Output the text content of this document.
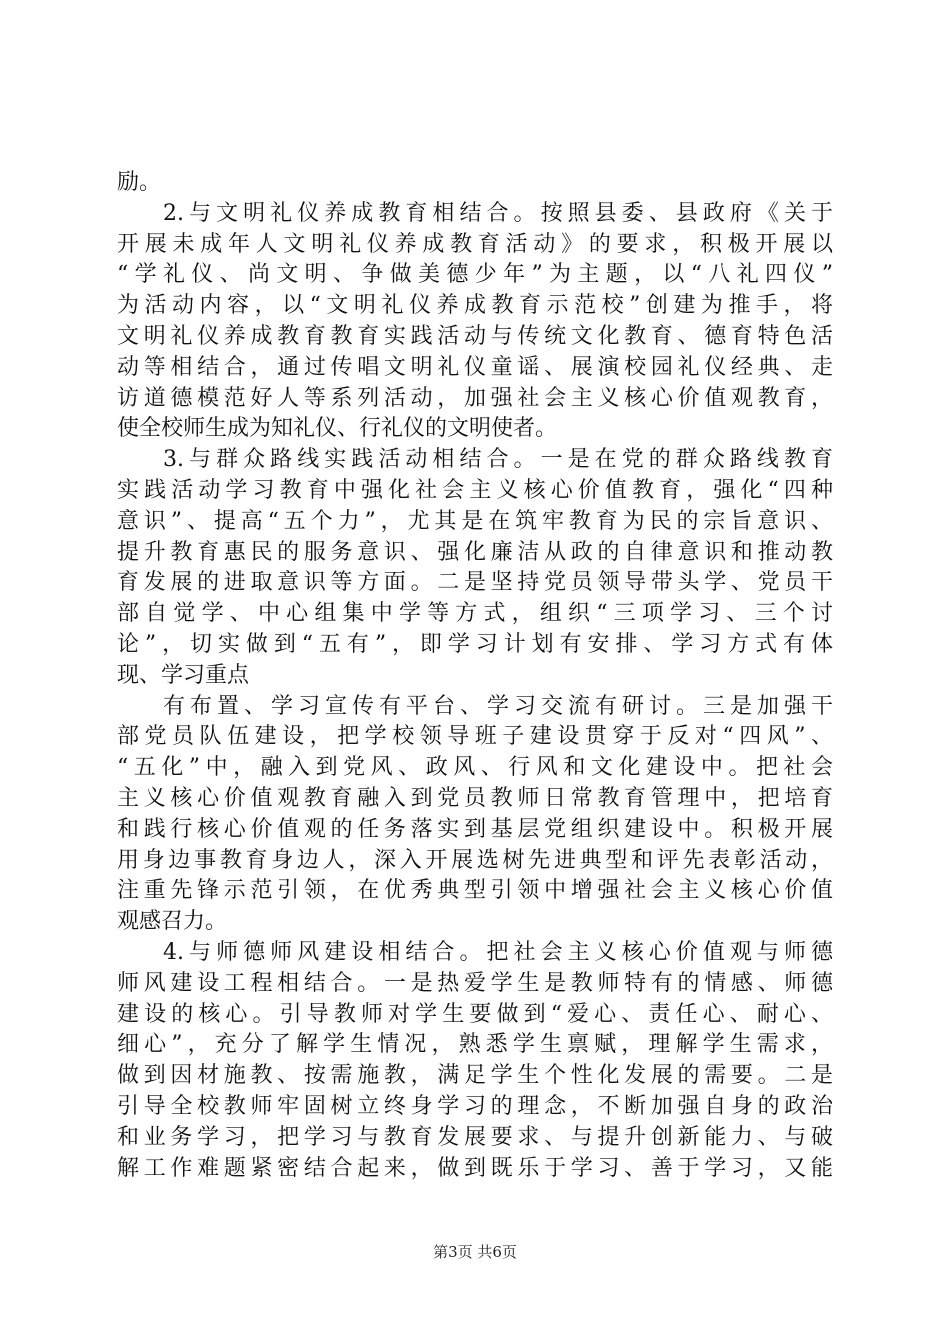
励。
2.与文明礼仪养成教育相结合。按照县委、县政府《关于
开展未成年人文明礼仪养成教育活动》的要求，积极开展以
“学礼仪、尚文明、争做美德少年”为主题，以“八礼四仪”
为活动内容，以“文明礼仪养成教育示范校”创建为推手，将
文明礼仪养成教育教育实践活动与传统文化教育、德育特色活
动等相结合，通过传唱文明礼仪童谣、展演校园礼仪经典、走
访道德模范好人等系列活动，加强社会主义核心价值观教育，
使全校师生成为知礼仪、行礼仪的文明使者。
3.与群众路线实践活动相结合。一是在党的群众路线教育
实践活动学习教育中强化社会主义核心价值教育，强化“四种
意识”、提高“五个力”，尤其是在筑牢教育为民的宗旨意识、
提升教育惠民的服务意识、强化廉洁从政的自律意识和推动教
育发展的进取意识等方面。二是坚持党员领导带头学、党员干
部自觉学、中心组集中学等方式，组织“三项学习、三个讨
论”，切实做到“五有”，即学习计划有安排、学习方式有体
现、学习重点
有布置、学习宣传有平台、学习交流有研讨。三是加强干
部党员队伍建设，把学校领导班子建设贯穿于反对“四风”、
“五化”中，融入到党风、政风、行风和文化建设中。把社会
主义核心价值观教育融入到党员教师日常教育管理中，把培育
和践行核心价值观的任务落实到基层党组织建设中。积极开展
用身边事教育身边人，深入开展选树先进典型和评先表彰活动，
注重先锋示范引领，在优秀典型引领中增强社会主义核心价值
观感召力。
4.与师德师风建设相结合。把社会主义核心价值观与师德
师风建设工程相结合。一是热爱学生是教师特有的情感、师德
建设的核心。引导教师对学生要做到“爱心、责任心、耐心、
细心”，充分了解学生情况，熟悉学生禀赋，理解学生需求，
做到因材施教、按需施教，满足学生个性化发展的需要。二是
引导全校教师牢固树立终身学习的理念，不断加强自身的政治
和业务学习，把学习与教育发展要求、与提升创新能力、与破
解工作难题紧密结合起来，做到既乐于学习、善于学习，又能
第3页 共6页
